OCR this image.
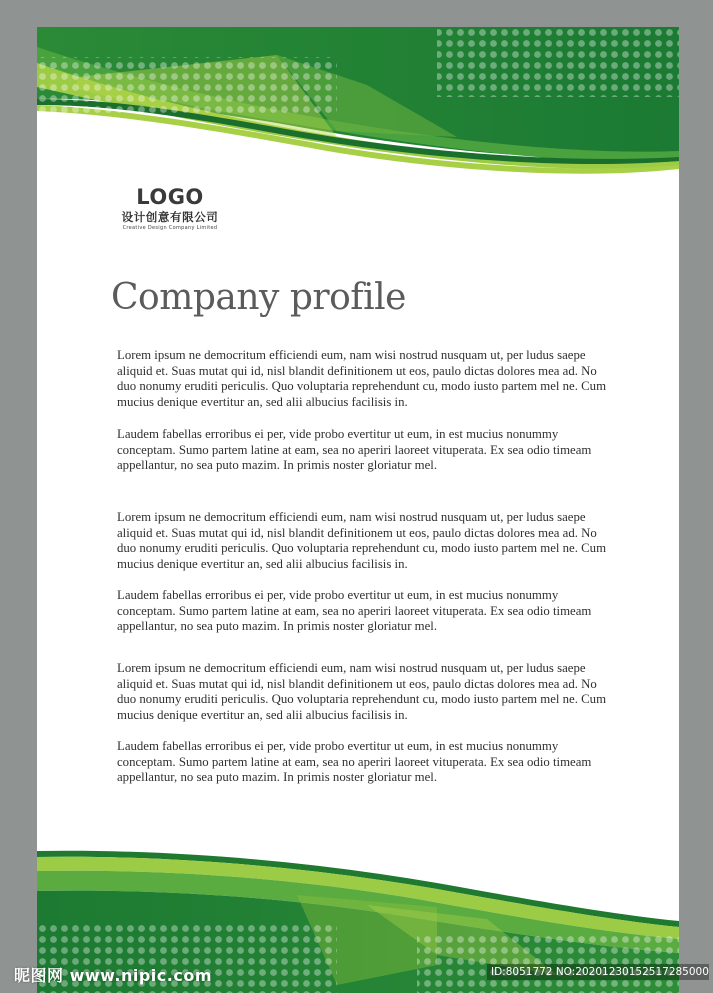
LOGO
设计创意有限公司
Creative Design Company Limited
Company profile

Lorem ipsum ne democritum efficiendi eum, nam wisi nostrud nusquam ut, per ludus saepe aliquid et. Suas mutat qui id, nisl blandit definitionem ut eos, paulo dictas dolores mea ad. No duo nonumy eruditi periculis. Quo voluptaria reprehendunt cu, modo iusto partem mel ne. Cum mucius denique evertitur an, sed alii albucius facilisis in.

Laudem fabellas erroribus ei per, vide probo evertitur ut eum, in est mucius nonummy conceptam. Sumo partem latine at eam, sea no aperiri laoreet vituperata. Ex sea odio timeam appellantur, no sea puto mazim. In primis noster gloriatur mel.

Lorem ipsum ne democritum efficiendi eum, nam wisi nostrud nusquam ut, per ludus saepe aliquid et. Suas mutat qui id, nisl blandit definitionem ut eos, paulo dictas dolores mea ad. No duo nonumy eruditi periculis. Quo voluptaria reprehendunt cu, modo iusto partem mel ne. Cum mucius denique evertitur an, sed alii albucius facilisis in.

Laudem fabellas erroribus ei per, vide probo evertitur ut eum, in est mucius nonummy conceptam. Sumo partem latine at eam, sea no aperiri laoreet vituperata. Ex sea odio timeam appellantur, no sea puto mazim. In primis noster gloriatur mel.

Lorem ipsum ne democritum efficiendi eum, nam wisi nostrud nusquam ut, per ludus saepe aliquid et. Suas mutat qui id, nisl blandit definitionem ut eos, paulo dictas dolores mea ad. No duo nonumy eruditi periculis. Quo voluptaria reprehendunt cu, modo iusto partem mel ne. Cum mucius denique evertitur an, sed alii albucius facilisis in.

Laudem fabellas erroribus ei per, vide probo evertitur ut eum, in est mucius nonummy conceptam. Sumo partem latine at eam, sea no aperiri laoreet vituperata. Ex sea odio timeam appellantur, no sea puto mazim. In primis noster gloriatur mel.

昵图网 www.nipic.com	ID:8051772 NO:20201230152517285000
